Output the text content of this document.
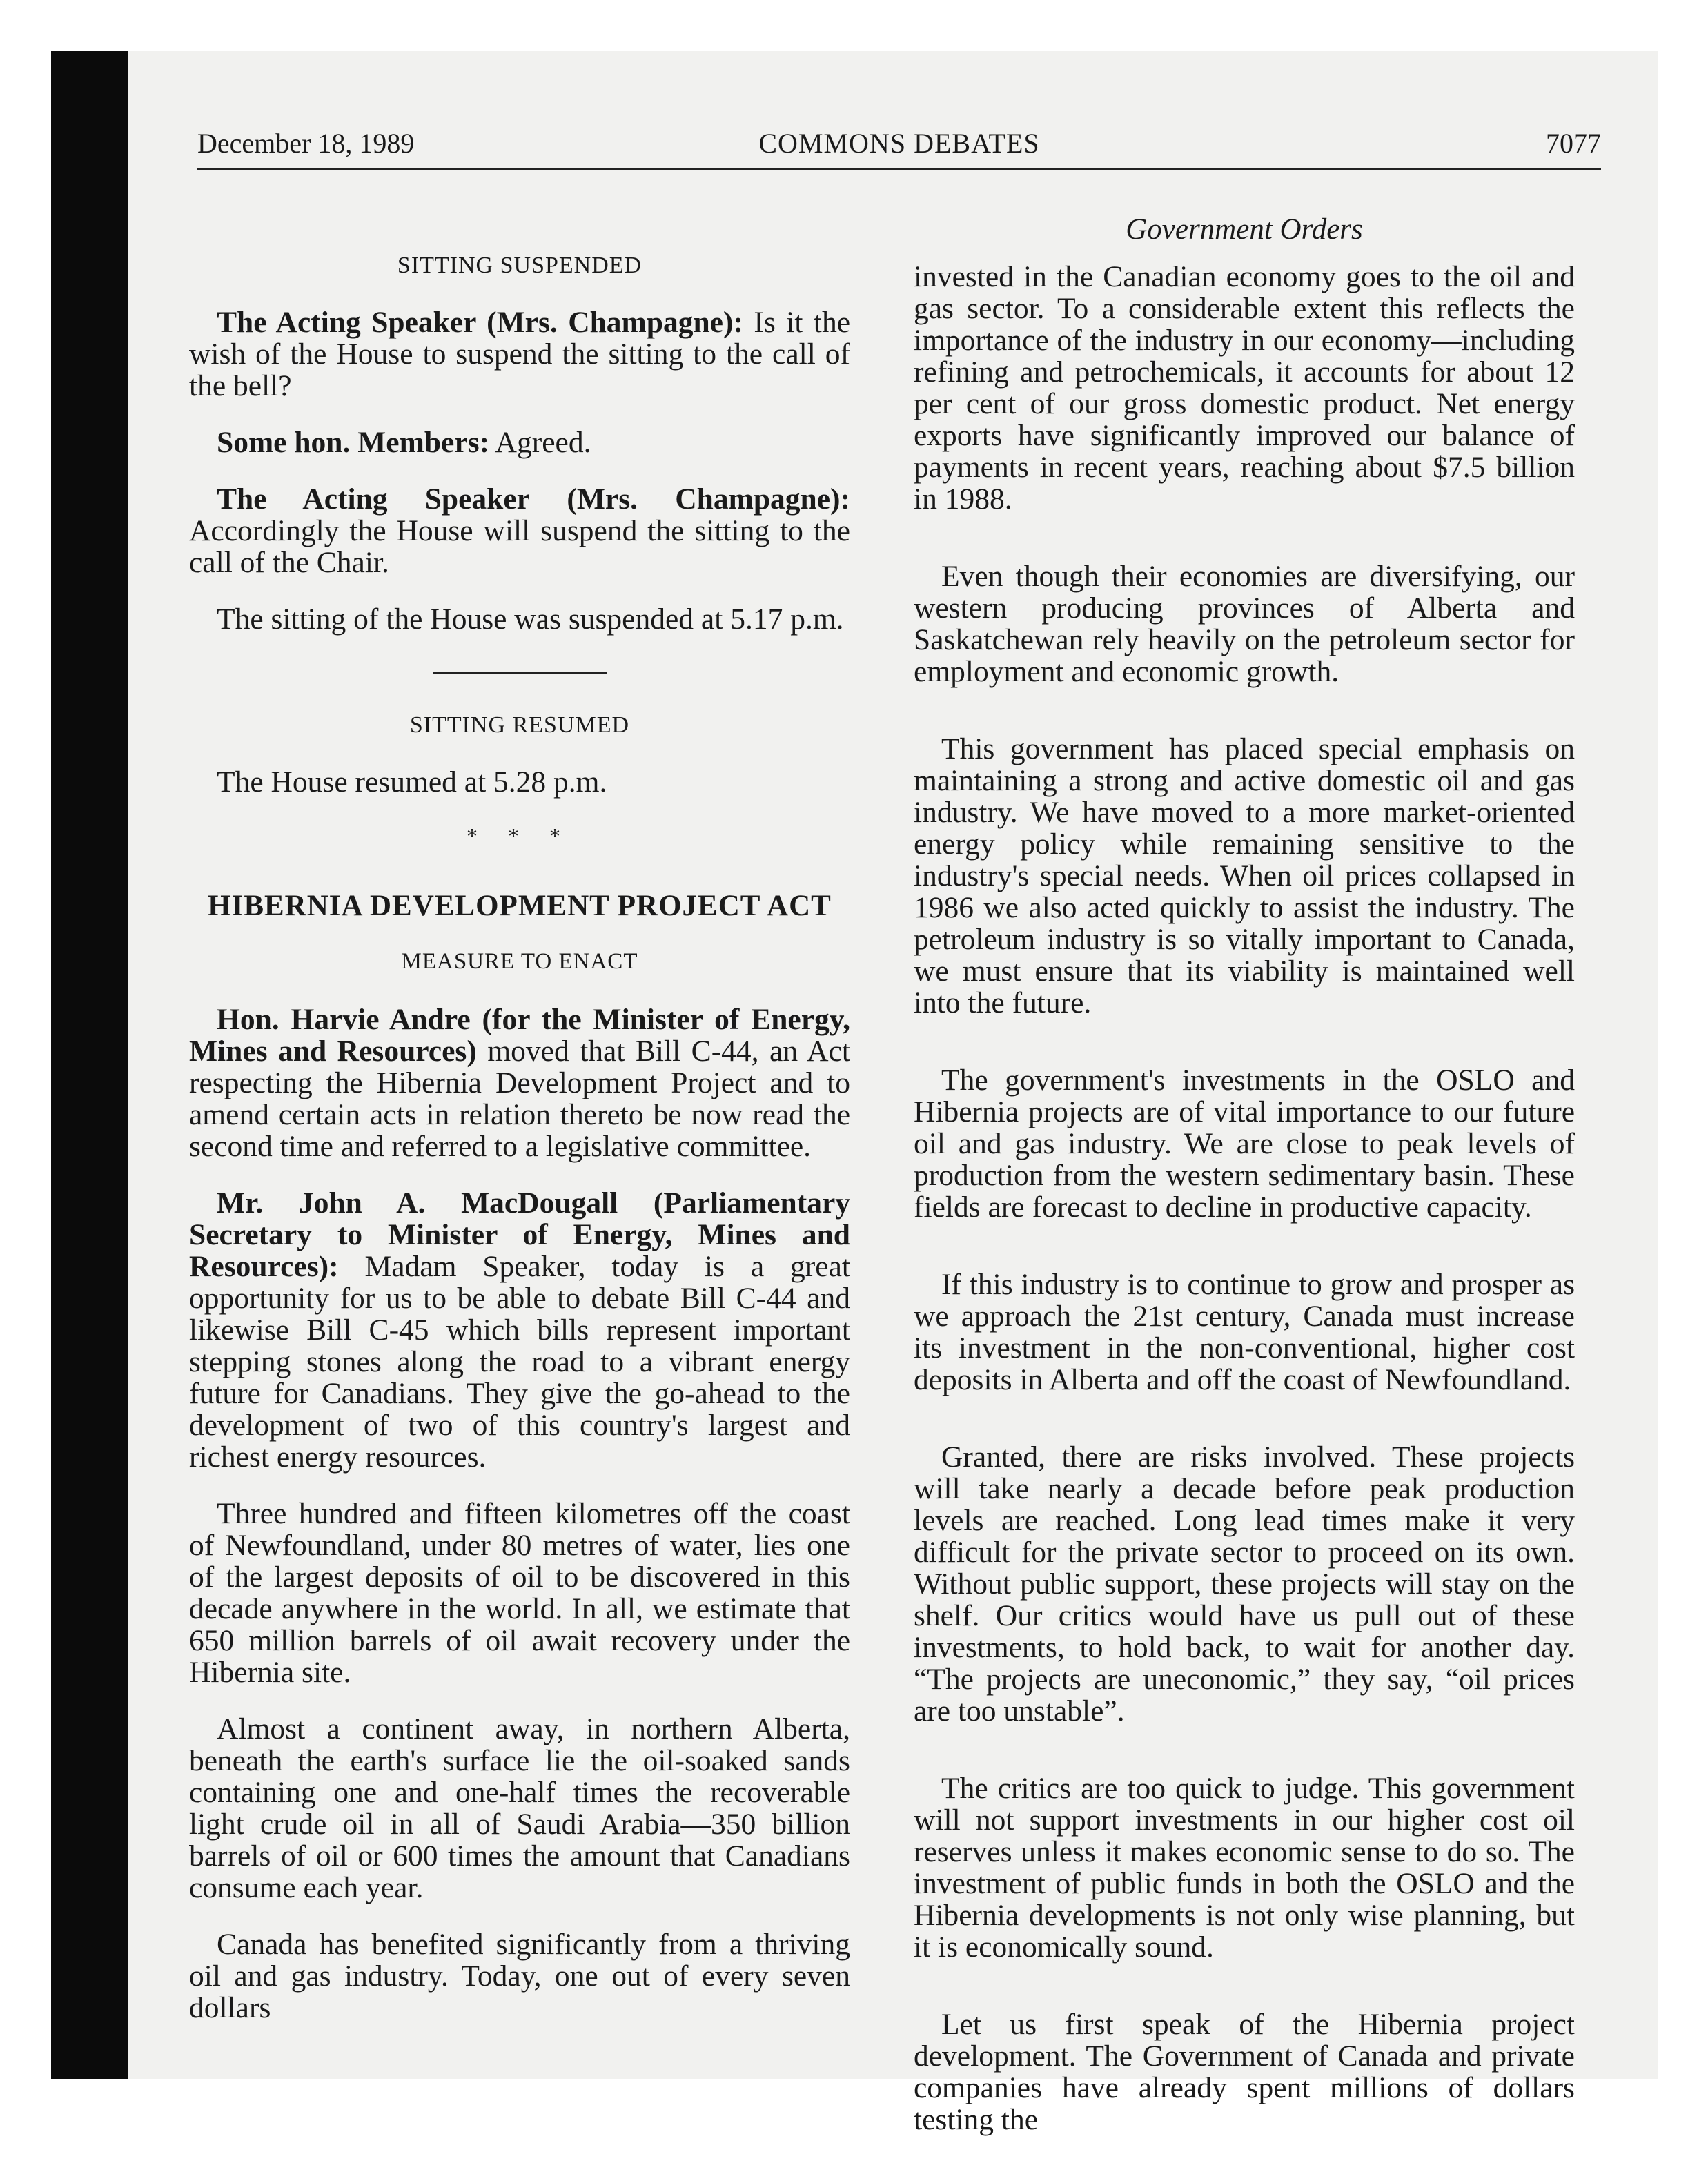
December 18, 1989	COMMONS DEBATES	7077
SITTING SUSPENDED

The Acting Speaker (Mrs. Champagne): Is it the wish of the House to suspend the sitting to the call of the bell?

Some hon. Members: Agreed.

The Acting Speaker (Mrs. Champagne): Accordingly the House will suspend the sitting to the call of the Chair.

The sitting of the House was suspended at 5.17 p.m.

SITTING RESUMED

The House resumed at 5.28 p.m.

* * *
HIBERNIA DEVELOPMENT PROJECT ACT
MEASURE TO ENACT

Hon. Harvie Andre (for the Minister of Energy, Mines and Resources) moved that Bill C-44, an Act respecting the Hibernia Development Project and to amend certain acts in relation thereto be now read the second time and referred to a legislative committee.

Mr. John A. MacDougall (Parliamentary Secretary to Minister of Energy, Mines and Resources): Madam Speaker, today is a great opportunity for us to be able to debate Bill C-44 and likewise Bill C-45 which bills represent important stepping stones along the road to a vibrant energy future for Canadians. They give the go-ahead to the development of two of this country's largest and richest energy resources.

Three hundred and fifteen kilometres off the coast of Newfoundland, under 80 metres of water, lies one of the largest deposits of oil to be discovered in this decade anywhere in the world. In all, we estimate that 650 million barrels of oil await recovery under the Hibernia site.

Almost a continent away, in northern Alberta, beneath the earth's surface lie the oil-soaked sands containing one and one-half times the recoverable light crude oil in all of Saudi Arabia—350 billion barrels of oil or 600 times the amount that Canadians consume each year.

Canada has benefited significantly from a thriving oil and gas industry. Today, one out of every seven dollars

Government Orders

invested in the Canadian economy goes to the oil and gas sector. To a considerable extent this reflects the importance of the industry in our economy—including refining and petrochemicals, it accounts for about 12 per cent of our gross domestic product. Net energy exports have significantly improved our balance of payments in recent years, reaching about $7.5 billion in 1988.

Even though their economies are diversifying, our western producing provinces of Alberta and Saskatchewan rely heavily on the petroleum sector for employment and economic growth.

This government has placed special emphasis on maintaining a strong and active domestic oil and gas industry. We have moved to a more market-oriented energy policy while remaining sensitive to the industry's special needs. When oil prices collapsed in 1986 we also acted quickly to assist the industry. The petroleum industry is so vitally important to Canada, we must ensure that its viability is maintained well into the future.

The government's investments in the OSLO and Hibernia projects are of vital importance to our future oil and gas industry. We are close to peak levels of production from the western sedimentary basin. These fields are forecast to decline in productive capacity.

If this industry is to continue to grow and prosper as we approach the 21st century, Canada must increase its investment in the non-conventional, higher cost deposits in Alberta and off the coast of Newfoundland.

Granted, there are risks involved. These projects will take nearly a decade before peak production levels are reached. Long lead times make it very difficult for the private sector to proceed on its own. Without public support, these projects will stay on the shelf. Our critics would have us pull out of these investments, to hold back, to wait for another day. “The projects are uneconomic,” they say, “oil prices are too unstable”.

The critics are too quick to judge. This government will not support investments in our higher cost oil reserves unless it makes economic sense to do so. The investment of public funds in both the OSLO and the Hibernia developments is not only wise planning, but it is economically sound.

Let us first speak of the Hibernia project development. The Government of Canada and private companies have already spent millions of dollars testing the
